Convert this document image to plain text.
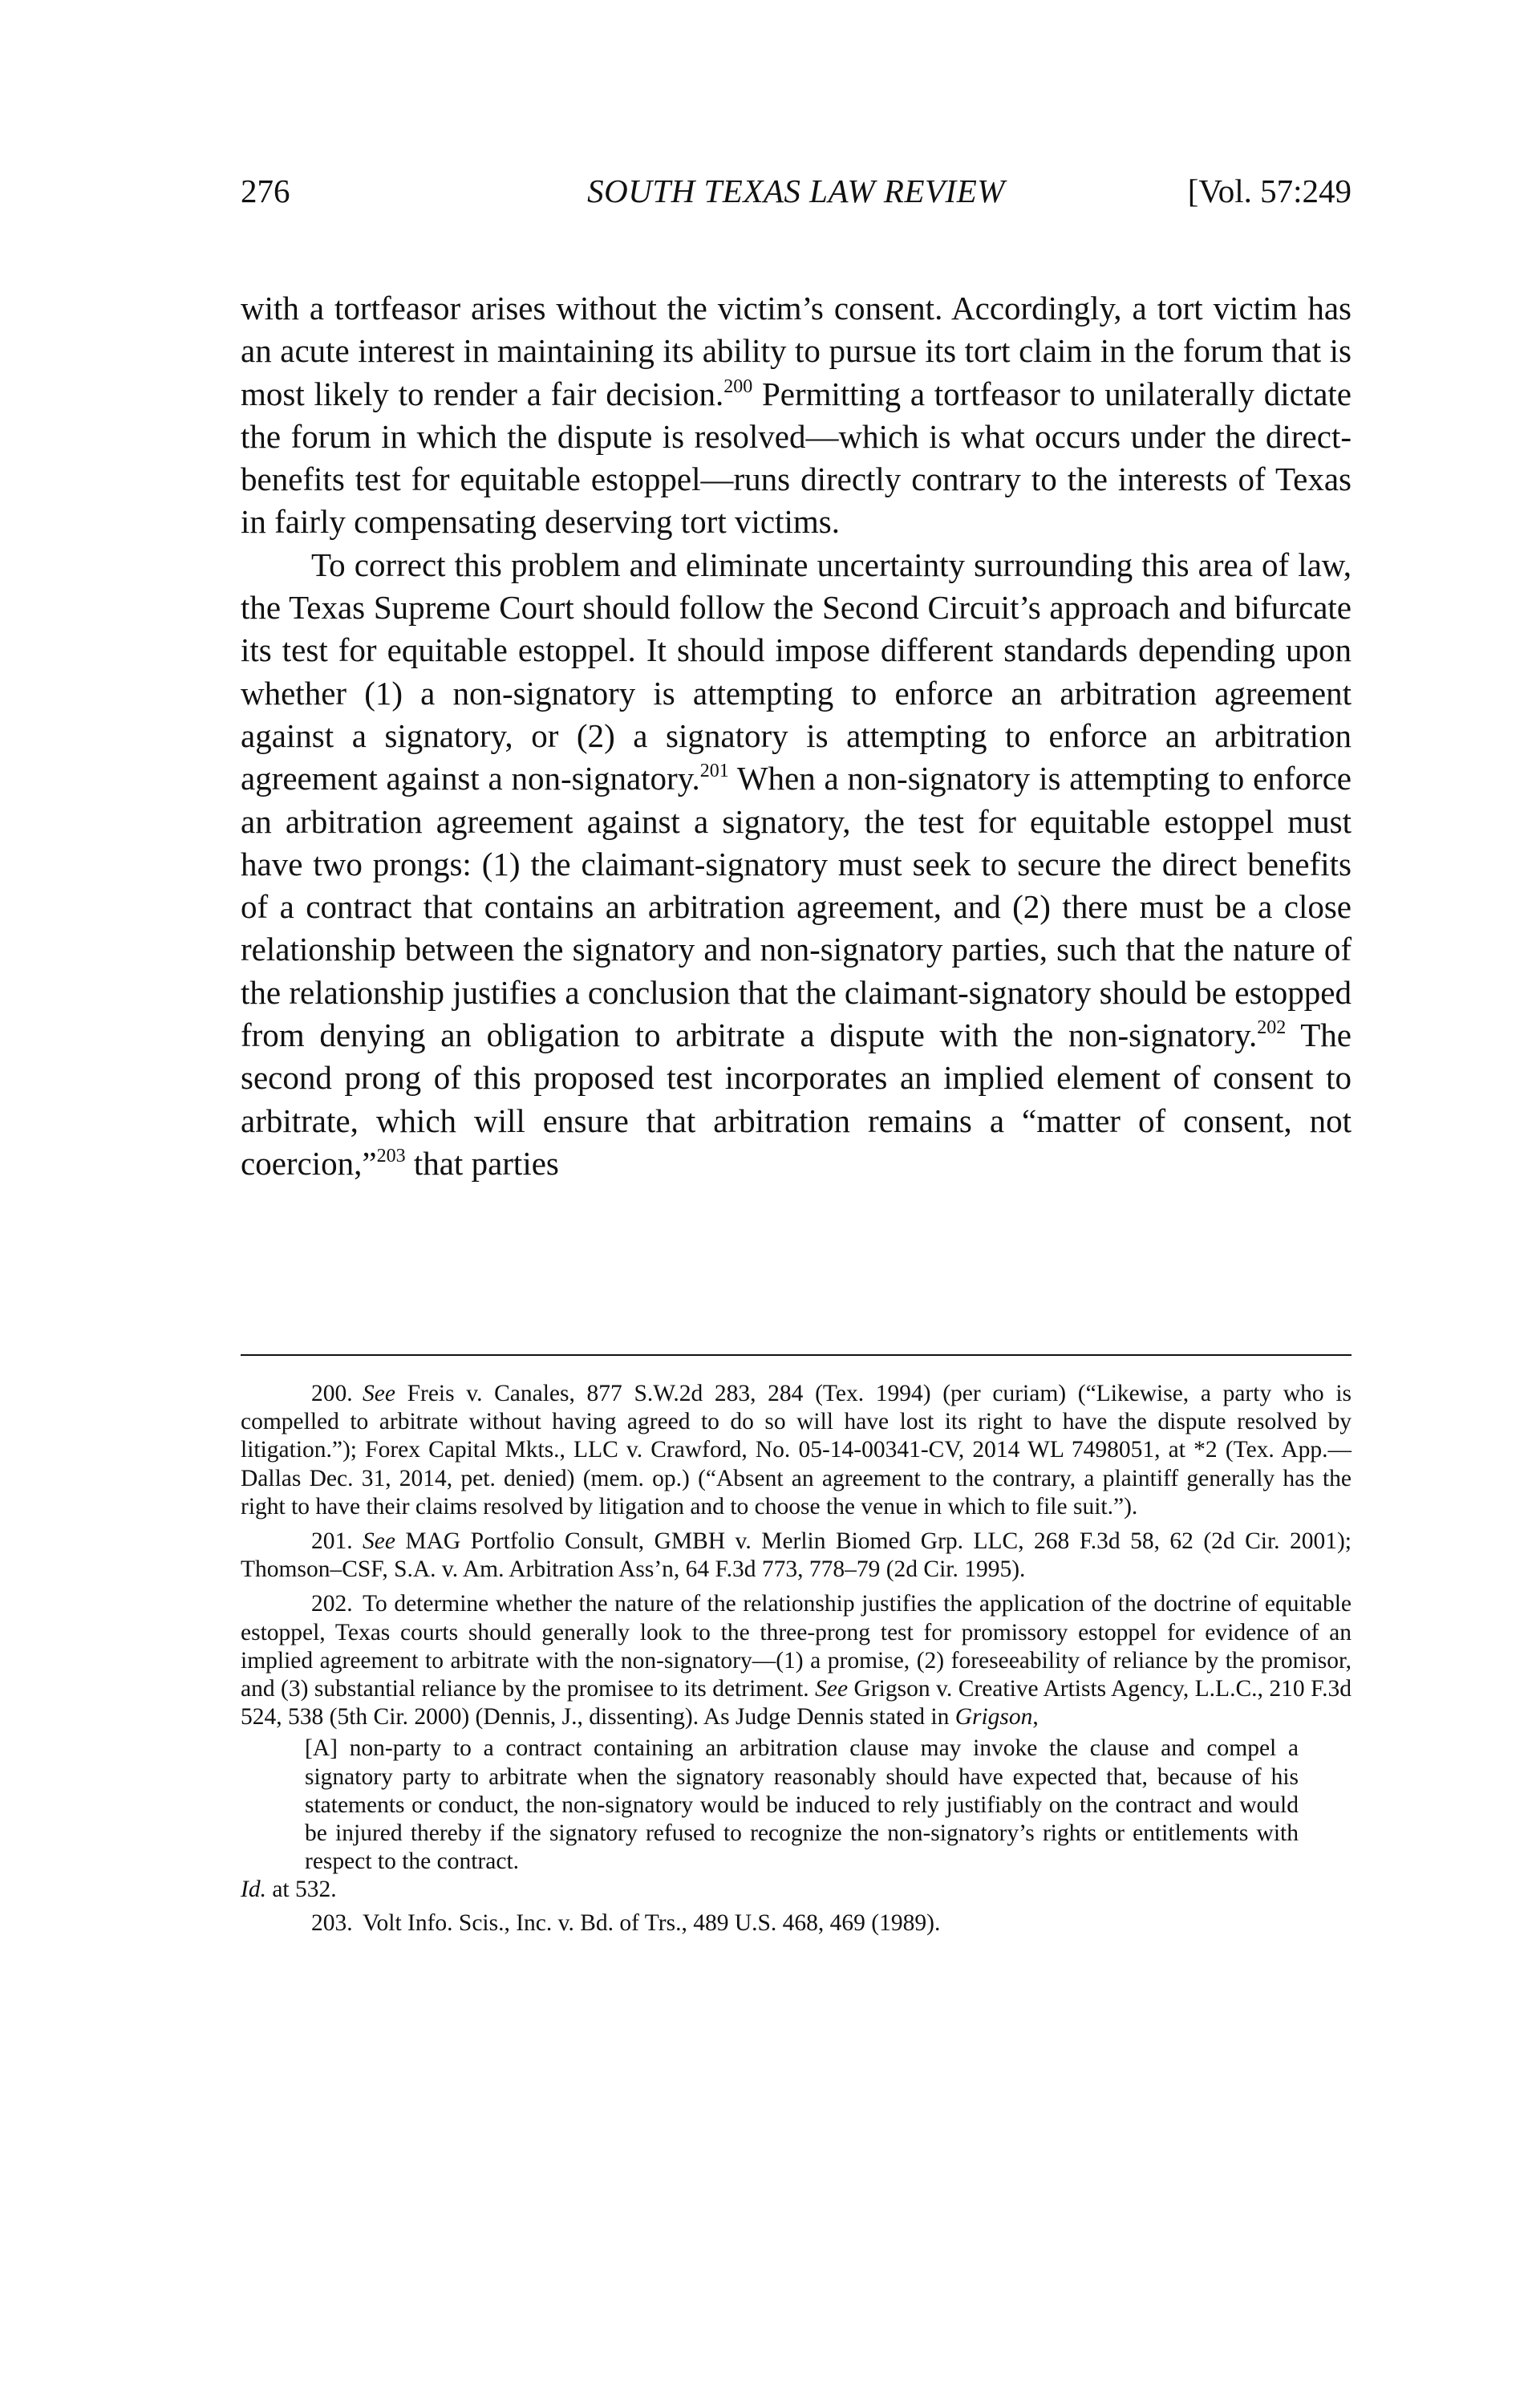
276	SOUTH TEXAS LAW REVIEW	[Vol. 57:249

with a tortfeasor arises without the victim’s consent. Accordingly, a tort victim has an acute interest in maintaining its ability to pursue its tort claim in the forum that is most likely to render a fair decision.$^{200}$ Permitting a tortfeasor to unilaterally dictate the forum in which the dispute is resolved—which is what occurs under the direct-benefits test for equitable estoppel—runs directly contrary to the interests of Texas in fairly compensating deserving tort victims.

To correct this problem and eliminate uncertainty surrounding this area of law, the Texas Supreme Court should follow the Second Circuit’s approach and bifurcate its test for equitable estoppel. It should impose different standards depending upon whether (1) a non-signatory is attempting to enforce an arbitration agreement against a signatory, or (2) a signatory is attempting to enforce an arbitration agreement against a non-signatory.$^{201}$ When a non-signatory is attempting to enforce an arbitration agreement against a signatory, the test for equitable estoppel must have two prongs: (1) the claimant-signatory must seek to secure the direct benefits of a contract that contains an arbitration agreement, and (2) there must be a close relationship between the signatory and non-signatory parties, such that the nature of the relationship justifies a conclusion that the claimant-signatory should be estopped from denying an obligation to arbitrate a dispute with the non-signatory.$^{202}$ The second prong of this proposed test incorporates an implied element of consent to arbitrate, which will ensure that arbitration remains a “matter of consent, not coercion,”$^{203}$ that parties

200. See Freis v. Canales, 877 S.W.2d 283, 284 (Tex. 1994) (per curiam) (“Likewise, a party who is compelled to arbitrate without having agreed to do so will have lost its right to have the dispute resolved by litigation.”); Forex Capital Mkts., LLC v. Crawford, No. 05-14-00341-CV, 2014 WL 7498051, at *2 (Tex. App.—Dallas Dec. 31, 2014, pet. denied) (mem. op.) (“Absent an agreement to the contrary, a plaintiff generally has the right to have their claims resolved by litigation and to choose the venue in which to file suit.”).

201. See MAG Portfolio Consult, GMBH v. Merlin Biomed Grp. LLC, 268 F.3d 58, 62 (2d Cir. 2001); Thomson–CSF, S.A. v. Am. Arbitration Ass’n, 64 F.3d 773, 778–79 (2d Cir. 1995).

202. To determine whether the nature of the relationship justifies the application of the doctrine of equitable estoppel, Texas courts should generally look to the three-prong test for promissory estoppel for evidence of an implied agreement to arbitrate with the non-signatory—(1) a promise, (2) foreseeability of reliance by the promisor, and (3) substantial reliance by the promisee to its detriment. See Grigson v. Creative Artists Agency, L.L.C., 210 F.3d 524, 538 (5th Cir. 2000) (Dennis, J., dissenting). As Judge Dennis stated in Grigson,

[A] non-party to a contract containing an arbitration clause may invoke the clause and compel a signatory party to arbitrate when the signatory reasonably should have expected that, because of his statements or conduct, the non-signatory would be induced to rely justifiably on the contract and would be injured thereby if the signatory refused to recognize the non-signatory’s rights or entitlements with respect to the contract.

Id. at 532.

203. Volt Info. Scis., Inc. v. Bd. of Trs., 489 U.S. 468, 469 (1989).
